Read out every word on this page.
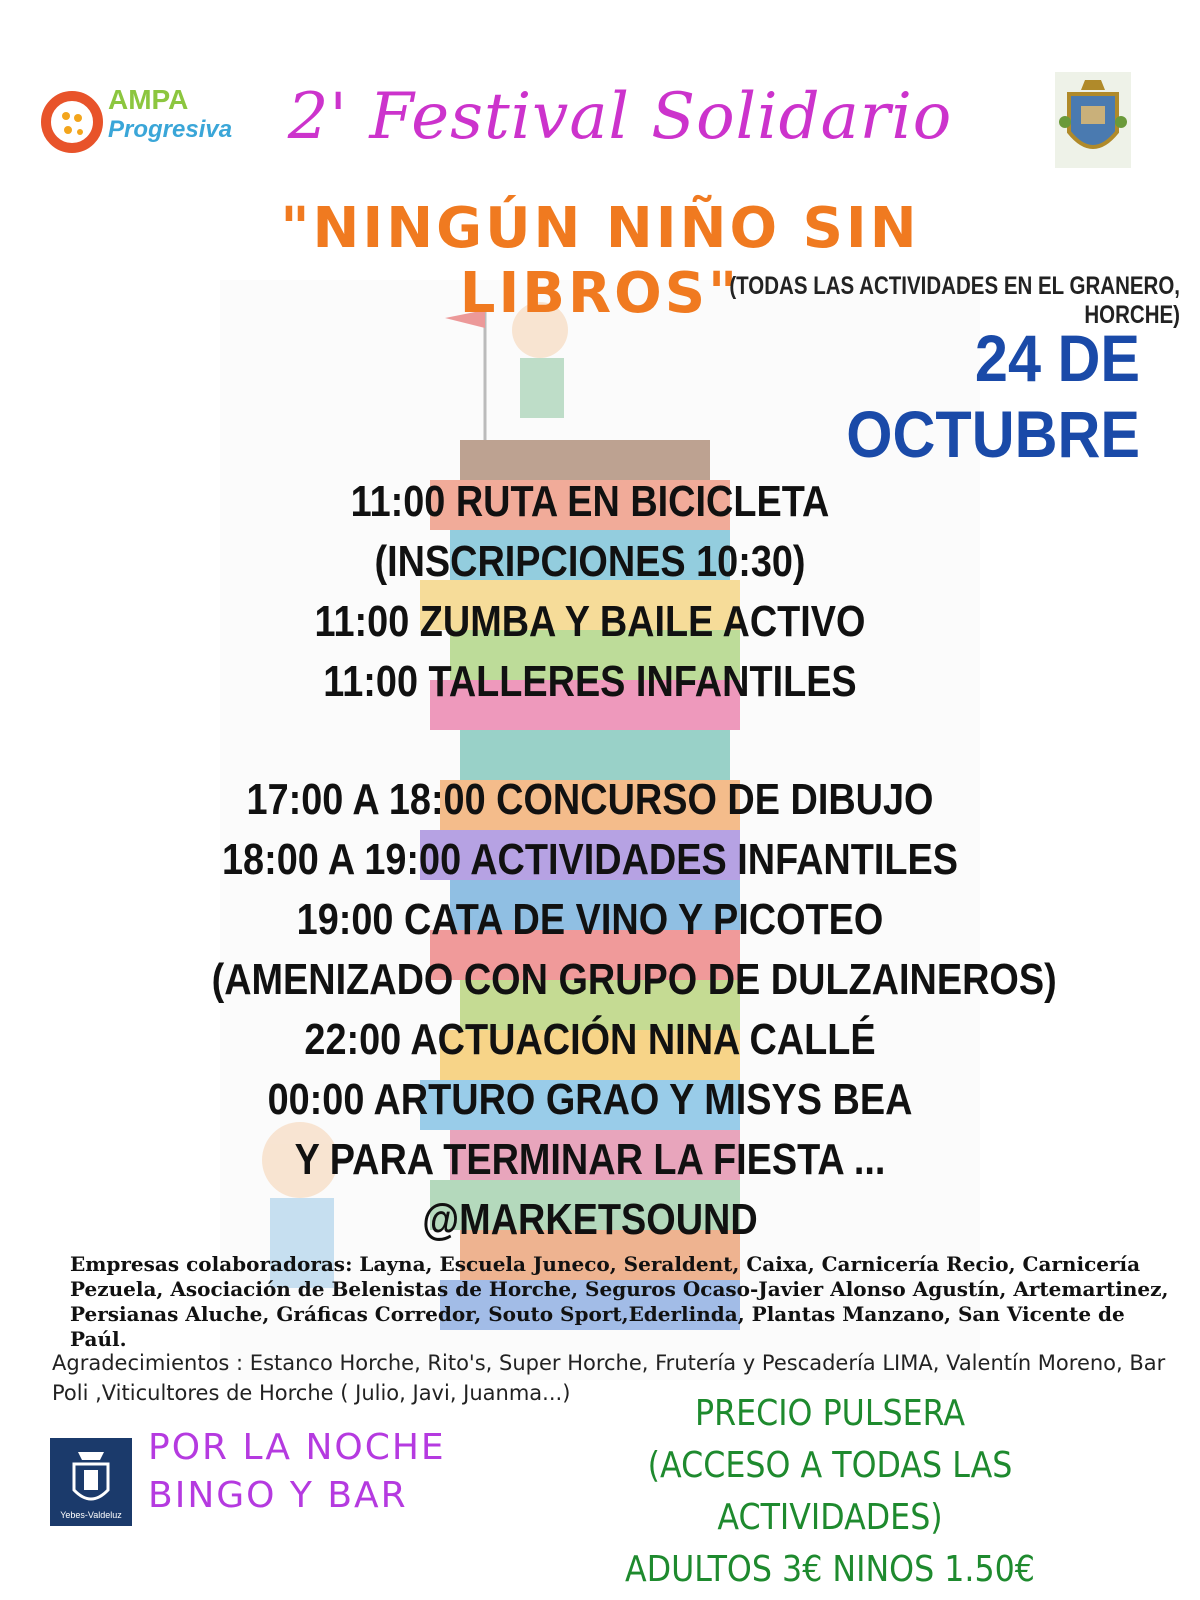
AMPA
Progresiva 2' Festival Solidario
"NINGÚN NIÑO SIN LIBROS"
(TODAS LAS ACTIVIDADES EN EL GRANERO, HORCHE)
24 DE OCTUBRE
11:00 RUTA EN BICICLETA
(INSCRIPCIONES 10:30)
11:00 ZUMBA Y BAILE ACTIVO
11:00 TALLERES INFANTILES
17:00 A 18:00 CONCURSO DE DIBUJO
18:00 A 19:00 ACTIVIDADES INFANTILES
19:00 CATA DE VINO Y PICOTEO
(AMENIZADO CON GRUPO DE DULZAINEROS)
22:00 ACTUACIÓN NINA CALLÉ
00:00 ARTURO GRAO Y MISYS BEA
Y PARA TERMINAR LA FIESTA ...
@MARKETSOUND
Empresas colaboradoras: Layna, Escuela Juneco, Seraldent, Caixa, Carnicería Recio, Carnicería Pezuela, Asociación de Belenistas de Horche, Seguros Ocaso-Javier Alonso Agustín, Artemartinez, Persianas Aluche, Gráficas Corredor, Souto Sport,Ederlinda, Plantas Manzano, San Vicente de Paúl.
Agradecimientos : Estanco Horche, Rito's, Super Horche, Frutería y Pescadería LIMA, Valentín Moreno, Bar Poli ,Viticultores de Horche ( Julio, Javi, Juanma...)
Yebes-Valdeluz
POR LA NOCHE
BINGO Y BAR
PRECIO PULSERA
(ACCESO A TODAS LAS ACTIVIDADES)
ADULTOS 3€ NINOS 1.50€
